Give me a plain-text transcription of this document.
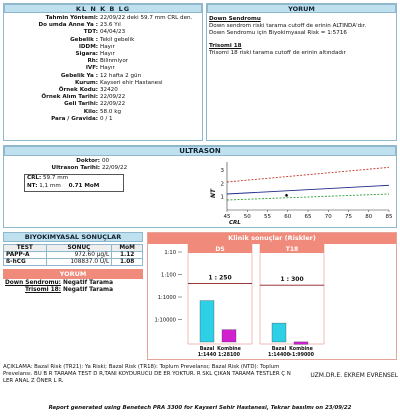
KL N K B LG
Tahmin Yöntemi: 22/09/22 deki 59.7 mm CRL den.
Do umda Anne Ya : 23.6 Yıl
TDT: 04/04/23
Gebelik : Tekil gebelik
IDDM: Hayır
Sigara: Hayır
Rh: Bilinmiyor
IVF: Hayır
Gebelik Ya : 12 hafta 2 gün
Kurum: Kayseri ehir Hastanesi
Örnek Kodu: 32420
Örnek Alım Tarihi: 22/09/22
Geli Tarihi: 22/09/22
Kilo: 58.0 kg
Para / Gravida: 0 / 1
YORUM
Down Sendromu
Down sendrom riski tarama cutoff de erinin ALTINDA'dır.
Down Sendromu için Biyokimyasal Risk = 1:5716
Trisomi 18
Trisomi 18 riski tarama cutoff de erinin altındadır
ULTRASON
Doktor: 00
Ultrason Tarihi: 22/09/22
CRL: 59.7 mm
NT: 1,1 mm 0.71 MoM
45 50 55 60 65 70 75 80 85
1
2
3
NT
CRL
BIYOKIMYASAL SONUÇLAR
TEST	SONUÇ	MoM
PAPP-A	972.60 µg/L	1.12
ß-hCG	108837.0 U/L	1.08
YORUM
Down Sendromu: Negatif Tarama
Trisomi 18: Negatif Tarama
Klinik sonuçlar (Riskler)
1:10
1:100
1:1000
1:10000
DS
1 : 250
Bazal
1:1440
Kombine
1:28100
T18
1 : 300
Bazal
1:14400
Kombine
>1:99000
AÇIKLAMA: Bazal Risk (TR21): Ya Riski; Bazal Risk (TR18): Toplum Prevelansı; Bazal Risk (NTD): Toplum Prevelansı. BU B R TARAMA TEST D R,TANI KOYDURUCU DE ER YOKTUR. R SKL ÇIKAN TARAMA TESTLER Ç N LER ANAL Z ÖNER L R.
UZM.DR.E. EKREM EVRENSEL
Report generated using Benetech PRA 3300 for Kayseri Sehir Hastanesi, Tekrar basılmı on 23/09/22
